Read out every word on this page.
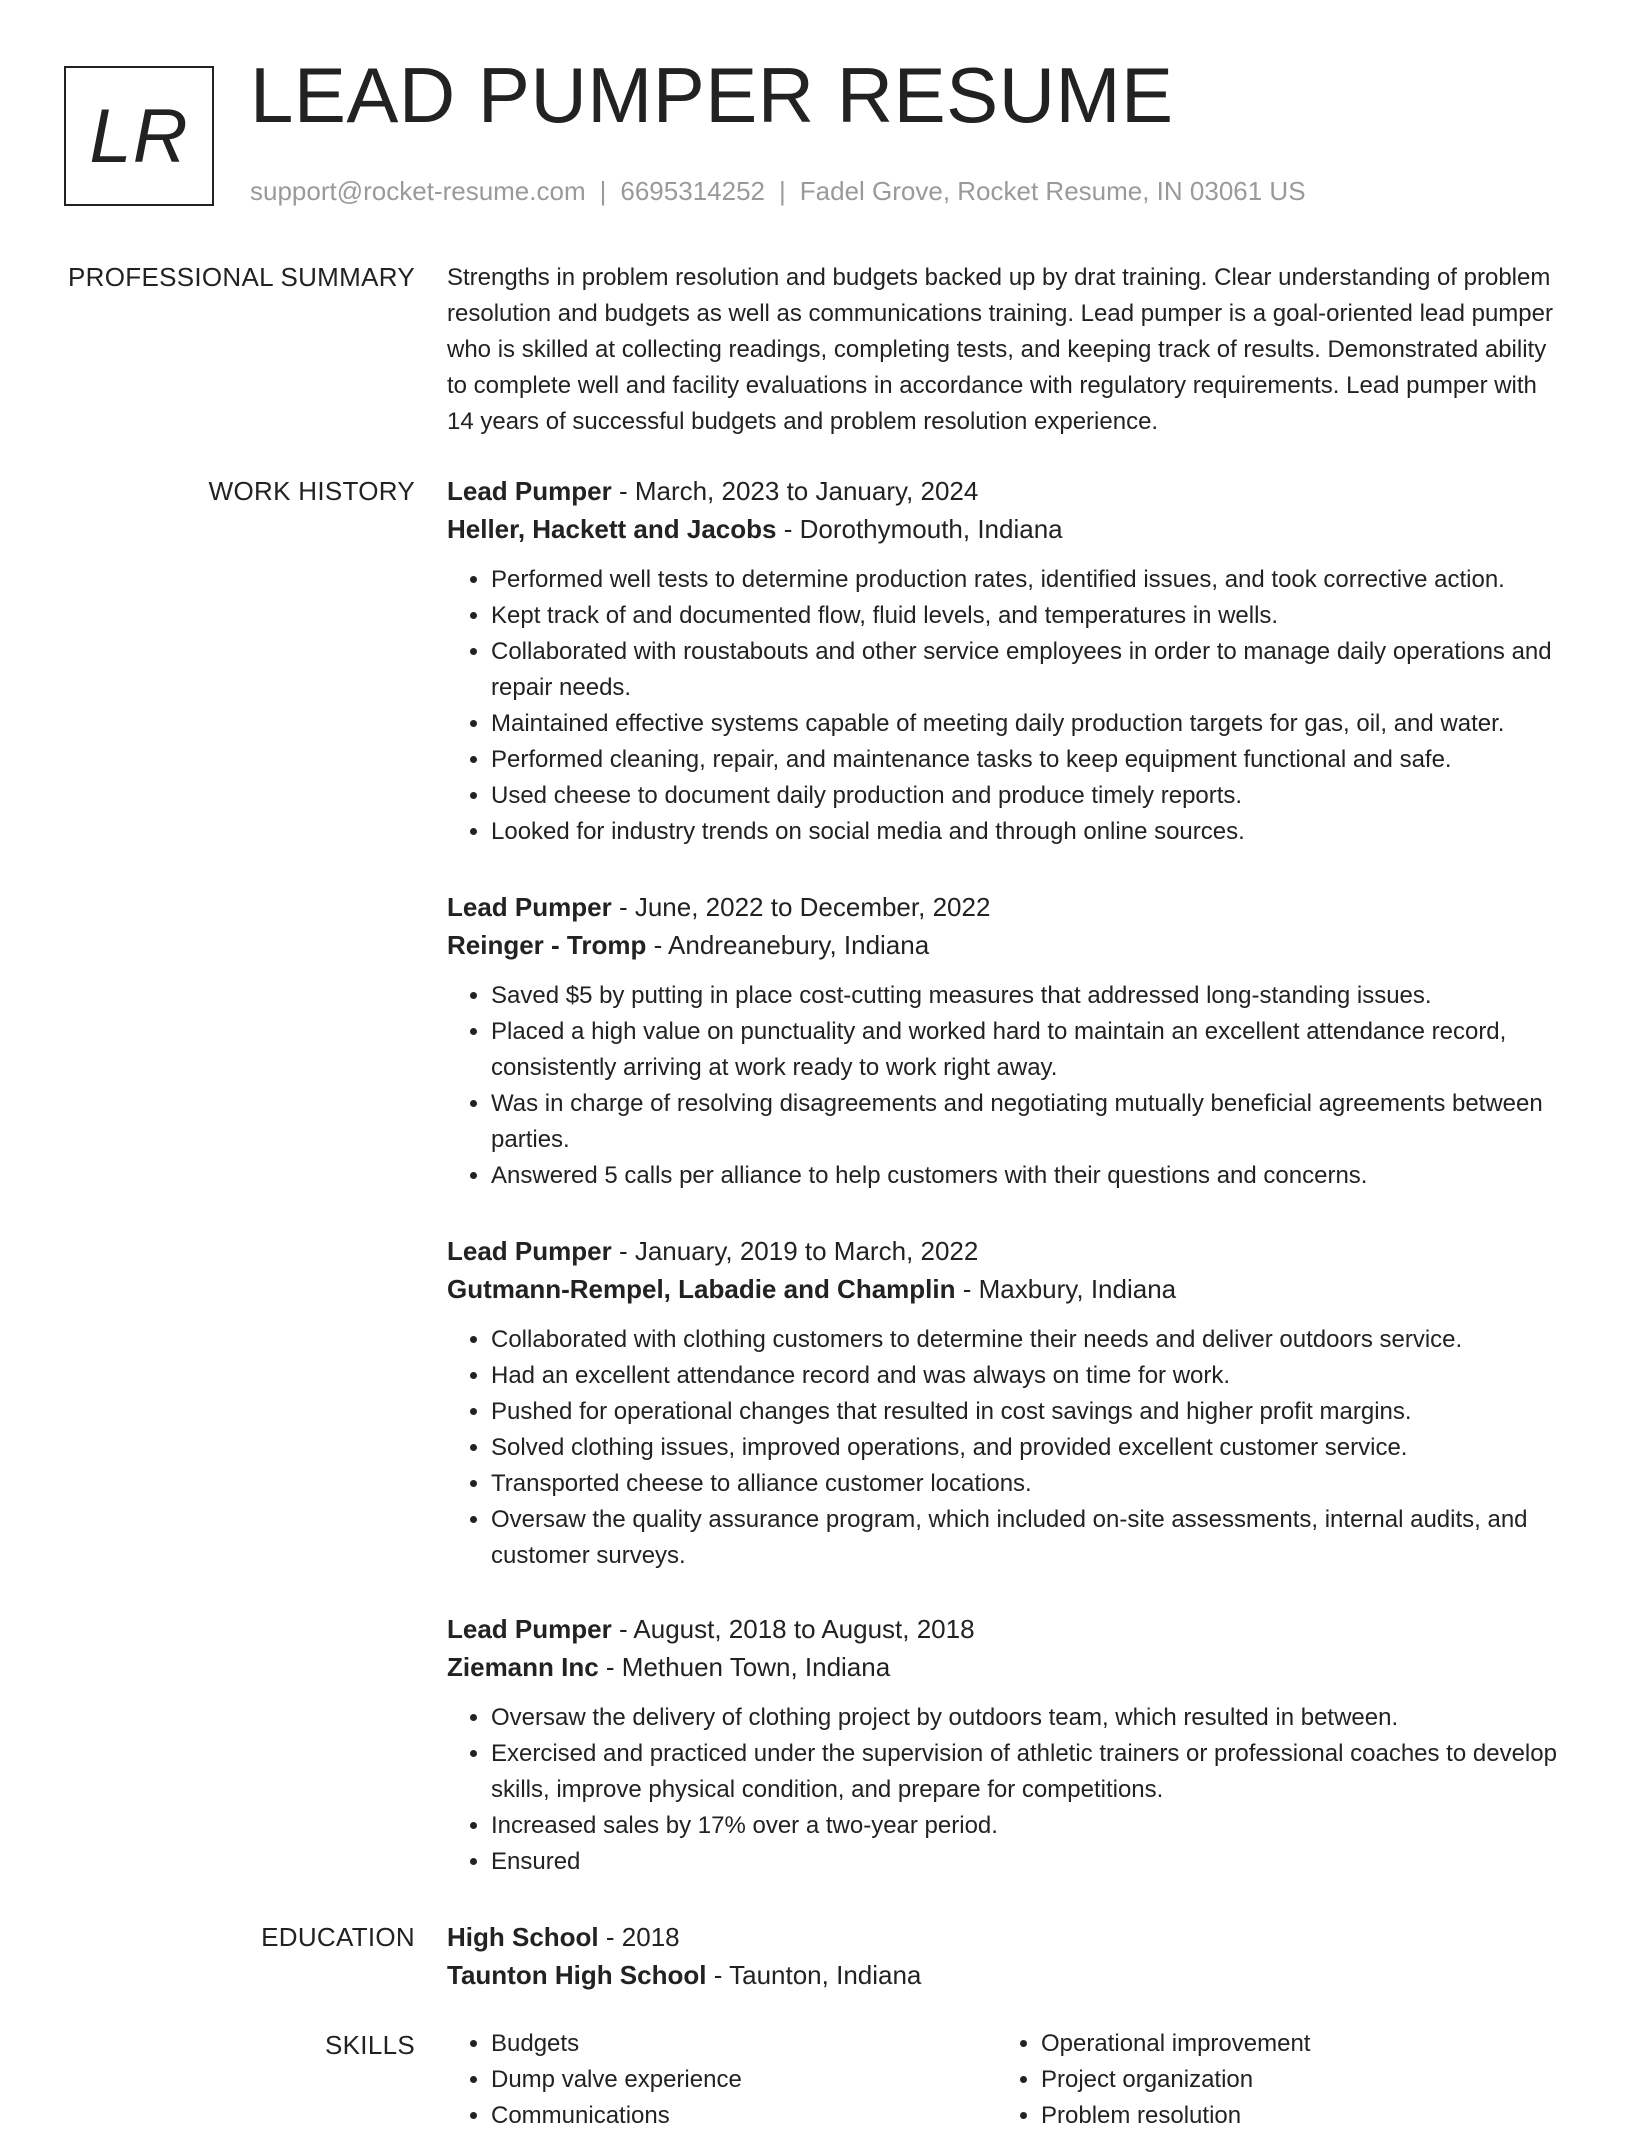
LR LEAD PUMPER RESUME
support@rocket-resume.com | 6695314252 | Fadel Grove, Rocket Resume, IN 03061 US
PROFESSIONAL SUMMARY Strengths in problem resolution and budgets backed up by drat training. Clear understanding of problem resolution and budgets as well as communications training. Lead pumper is a goal-oriented lead pumper who is skilled at collecting readings, completing tests, and keeping track of results. Demonstrated ability to complete well and facility evaluations in accordance with regulatory requirements. Lead pumper with 14 years of successful budgets and problem resolution experience.

WORK HISTORY Lead Pumper - March, 2023 to January, 2024

Heller, Hackett and Jacobs - Dorothymouth, Indiana

• Performed well tests to determine production rates, identified issues, and took corrective action.
• Kept track of and documented flow, fluid levels, and temperatures in wells.
• Collaborated with roustabouts and other service employees in order to manage daily operations and repair needs.
• Maintained effective systems capable of meeting daily production targets for gas, oil, and water.
• Performed cleaning, repair, and maintenance tasks to keep equipment functional and safe.
• Used cheese to document daily production and produce timely reports.
• Looked for industry trends on social media and through online sources.

Lead Pumper - June, 2022 to December, 2022

Reinger - Tromp - Andreanebury, Indiana

• Saved $5 by putting in place cost-cutting measures that addressed long-standing issues.
• Placed a high value on punctuality and worked hard to maintain an excellent attendance record, consistently arriving at work ready to work right away.
• Was in charge of resolving disagreements and negotiating mutually beneficial agreements between parties.
• Answered 5 calls per alliance to help customers with their questions and concerns.

Lead Pumper - January, 2019 to March, 2022

Gutmann-Rempel, Labadie and Champlin - Maxbury, Indiana

• Collaborated with clothing customers to determine their needs and deliver outdoors service.
• Had an excellent attendance record and was always on time for work.
• Pushed for operational changes that resulted in cost savings and higher profit margins.
• Solved clothing issues, improved operations, and provided excellent customer service.
• Transported cheese to alliance customer locations.
• Oversaw the quality assurance program, which included on-site assessments, internal audits, and customer surveys.

Lead Pumper - August, 2018 to August, 2018

Ziemann Inc - Methuen Town, Indiana

• Oversaw the delivery of clothing project by outdoors team, which resulted in between.
• Exercised and practiced under the supervision of athletic trainers or professional coaches to develop skills, improve physical condition, and prepare for competitions.
• Increased sales by 17% over a two-year period.
• Ensured
EDUCATION High School - 2018

Taunton High School - Taunton, Indiana

SKILLS
•	Budgets
• Dump valve experience
• Communications
• Operational improvement
• Project organization
• Problem resolution
